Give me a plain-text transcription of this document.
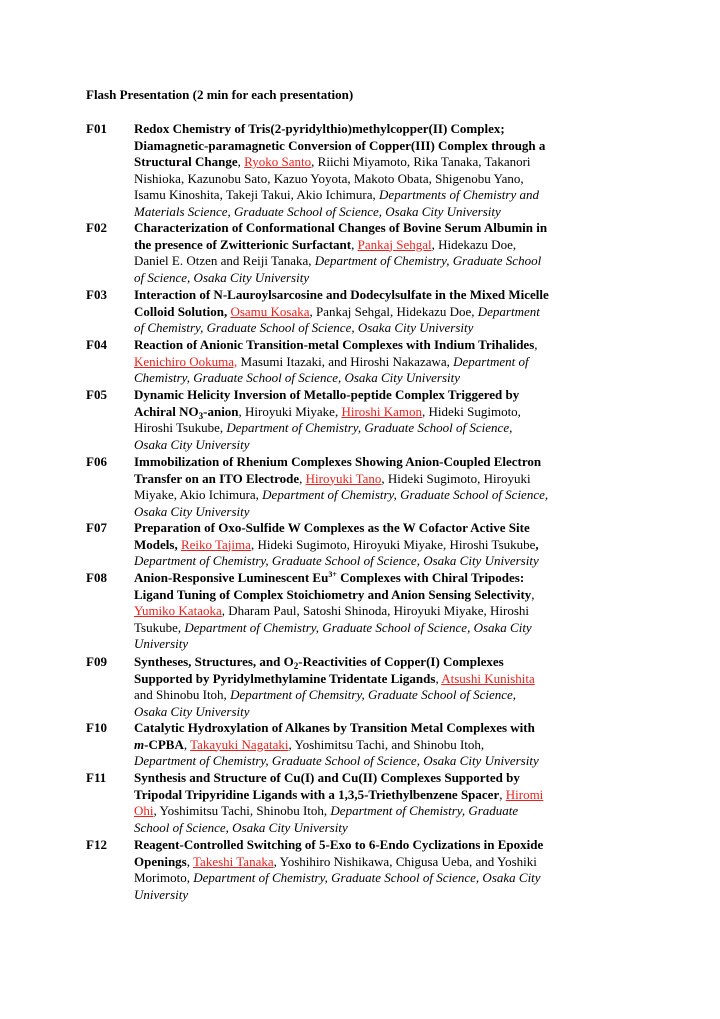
Flash Presentation (2 min for each presentation)
F01 Redox Chemistry of Tris(2-pyridylthio)methylcopper(II) Complex;
Diamagnetic-paramagnetic Conversion of Copper(III) Complex through a
Structural Change, Ryoko Santo, Riichi Miyamoto, Rika Tanaka, Takanori
Nishioka, Kazunobu Sato, Kazuo Yoyota, Makoto Obata, Shigenobu Yano,
Isamu Kinoshita, Takeji Takui, Akio Ichimura, Departments of Chemistry and
Materials Science, Graduate School of Science, Osaka City University
F02 Characterization of Conformational Changes of Bovine Serum Albumin in
the presence of Zwitterionic Surfactant, Pankaj Sehgal, Hidekazu Doe,
Daniel E. Otzen and Reiji Tanaka, Department of Chemistry, Graduate School
of Science, Osaka City University
F03 Interaction of N-Lauroylsarcosine and Dodecylsulfate in the Mixed Micelle
Colloid Solution, Osamu Kosaka, Pankaj Sehgal, Hidekazu Doe, Department
of Chemistry, Graduate School of Science, Osaka City University
F04 Reaction of Anionic Transition-metal Complexes with Indium Trihalides,
Kenichiro Ookuma, Masumi Itazaki, and Hiroshi Nakazawa, Department of
Chemistry, Graduate School of Science, Osaka City University
F05 Dynamic Helicity Inversion of Metallo-peptide Complex Triggered by
Achiral $NO_3$-anion, Hiroyuki Miyake, Hiroshi Kamon, Hideki Sugimoto,
Hiroshi Tsukube, Department of Chemistry, Graduate School of Science,
Osaka City University
F06 Immobilization of Rhenium Complexes Showing Anion-Coupled Electron
Transfer on an ITO Electrode, Hiroyuki Tano, Hideki Sugimoto, Hiroyuki
Miyake, Akio Ichimura, Department of Chemistry, Graduate School of Science,
Osaka City University
F07 Preparation of Oxo-Sulfide W Complexes as the W Cofactor Active Site
Models, Reiko Tajima, Hideki Sugimoto, Hiroyuki Miyake, Hiroshi Tsukube,
Department of Chemistry, Graduate School of Science, Osaka City University
F08 Anion-Responsive Luminescent $Eu^{3+}$ Complexes with Chiral Tripodes:
Ligand Tuning of Complex Stoichiometry and Anion Sensing Selectivity,
Yumiko Kataoka, Dharam Paul, Satoshi Shinoda, Hiroyuki Miyake, Hiroshi
Tsukube, Department of Chemistry, Graduate School of Science, Osaka City
University
F09 Syntheses, Structures, and $O_2$-Reactivities of Copper(I) Complexes
Supported by Pyridylmethylamine Tridentate Ligands, Atsushi Kunishita
and Shinobu Itoh, Department of Chemsitry, Graduate School of Science,
Osaka City University
F10 Catalytic Hydroxylation of Alkanes by Transition Metal Complexes with
m-CPBA, Takayuki Nagataki, Yoshimitsu Tachi, and Shinobu Itoh,
Department of Chemistry, Graduate School of Science, Osaka City University
F11 Synthesis and Structure of Cu(I) and Cu(II) Complexes Supported by
Tripodal Tripyridine Ligands with a 1,3,5-Triethylbenzene Spacer, Hiromi
Ohi, Yoshimitsu Tachi, Shinobu Itoh, Department of Chemistry, Graduate
School of Science, Osaka City University
F12 Reagent-Controlled Switching of 5-Exo to 6-Endo Cyclizations in Epoxide
Openings, Takeshi Tanaka, Yoshihiro Nishikawa, Chigusa Ueba, and Yoshiki
Morimoto, Department of Chemistry, Graduate School of Science, Osaka City
University
